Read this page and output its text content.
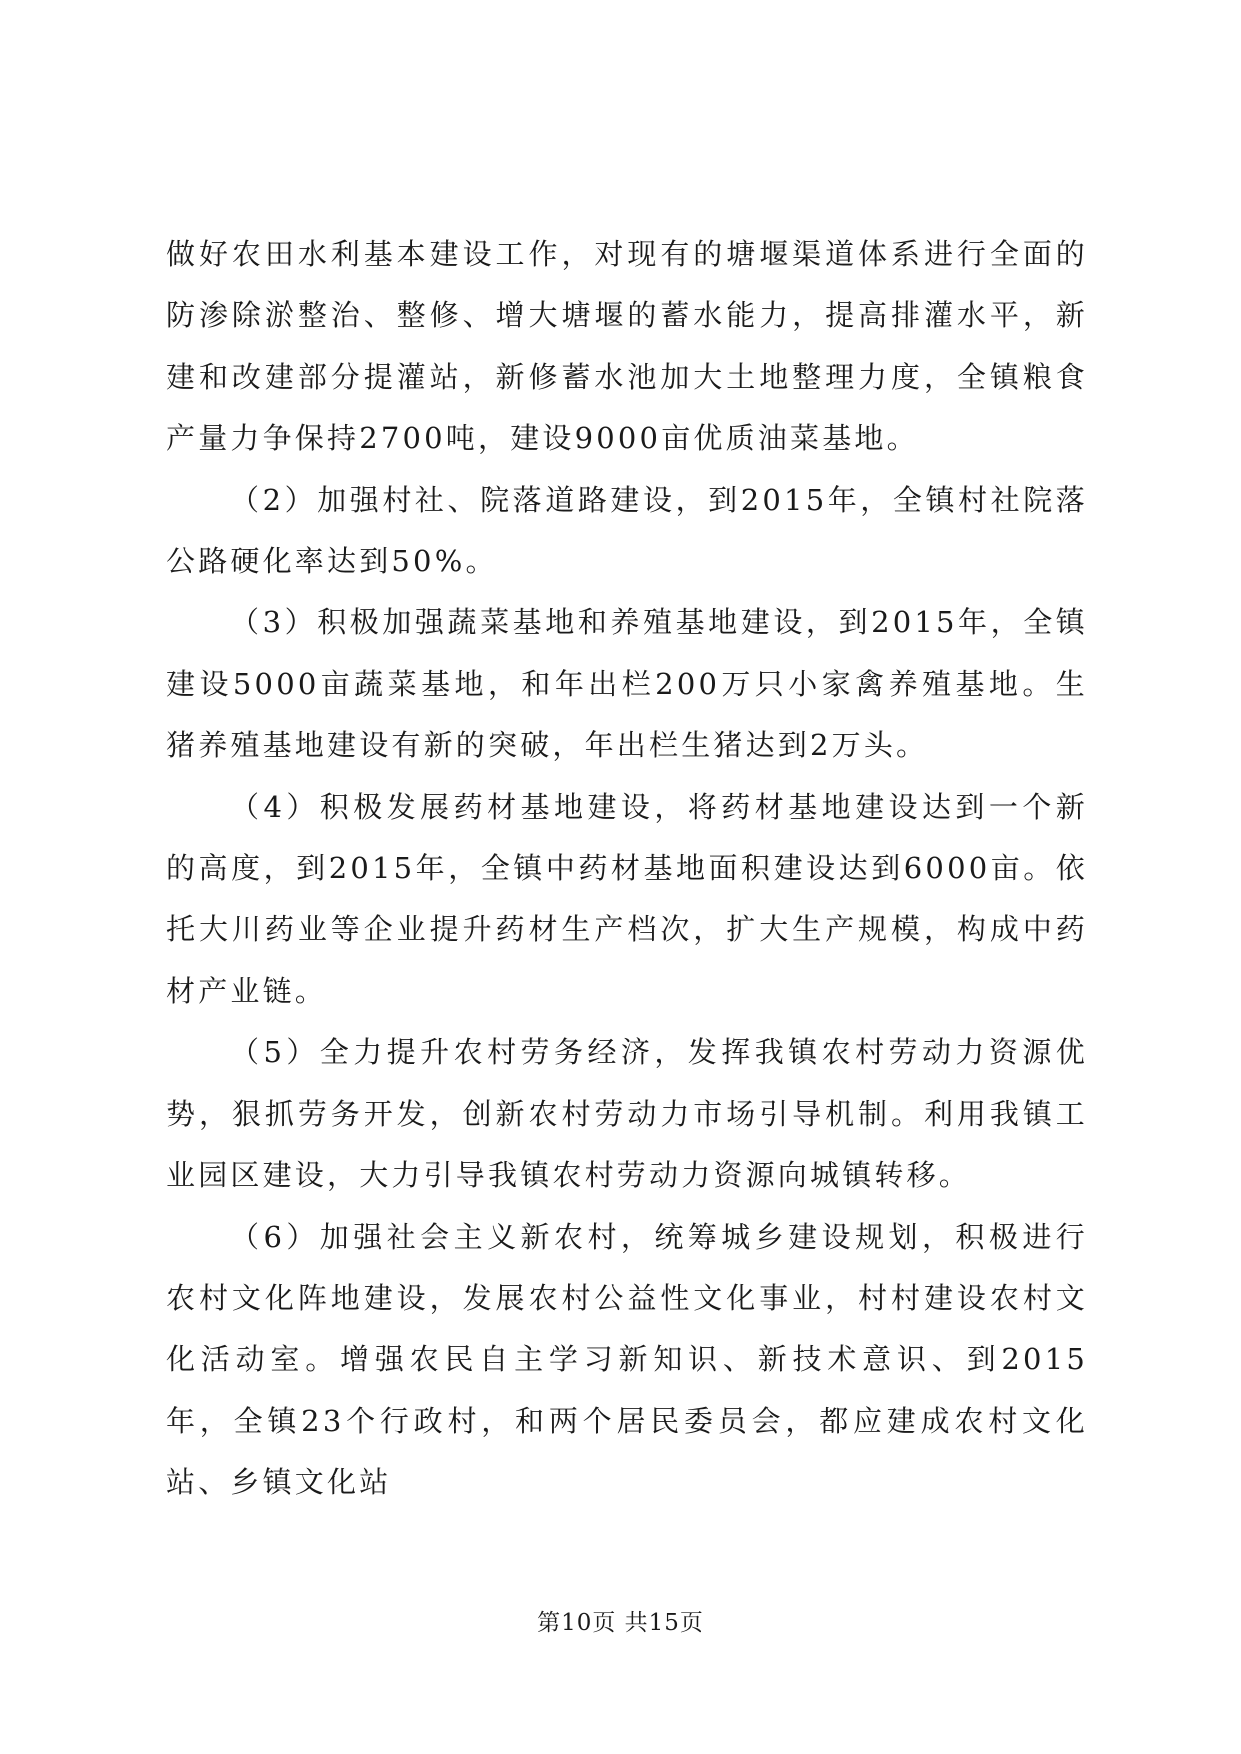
做好农田水利基本建设工作，对现有的塘堰渠道体系进行全面的防渗除淤整治、整修、增大塘堰的蓄水能力，提高排灌水平，新建和改建部分提灌站，新修蓄水池加大土地整理力度，全镇粮食产量力争保持2700吨，建设9000亩优质油菜基地。

（2）加强村社、院落道路建设，到2015年，全镇村社院落公路硬化率达到50%。

（3）积极加强蔬菜基地和养殖基地建设，到2015年，全镇建设5000亩蔬菜基地，和年出栏200万只小家禽养殖基地。生猪养殖基地建设有新的突破，年出栏生猪达到2万头。

（4）积极发展药材基地建设，将药材基地建设达到一个新的高度，到2015年，全镇中药材基地面积建设达到6000亩。依托大川药业等企业提升药材生产档次，扩大生产规模，构成中药材产业链。

（5）全力提升农村劳务经济，发挥我镇农村劳动力资源优势，狠抓劳务开发，创新农村劳动力市场引导机制。利用我镇工业园区建设，大力引导我镇农村劳动力资源向城镇转移。

（6）加强社会主义新农村，统筹城乡建设规划，积极进行农村文化阵地建设，发展农村公益性文化事业，村村建设农村文化活动室。增强农民自主学习新知识、新技术意识、到2015年，全镇23个行政村，和两个居民委员会，都应建成农村文化站、乡镇文化站

第10页 共15页
